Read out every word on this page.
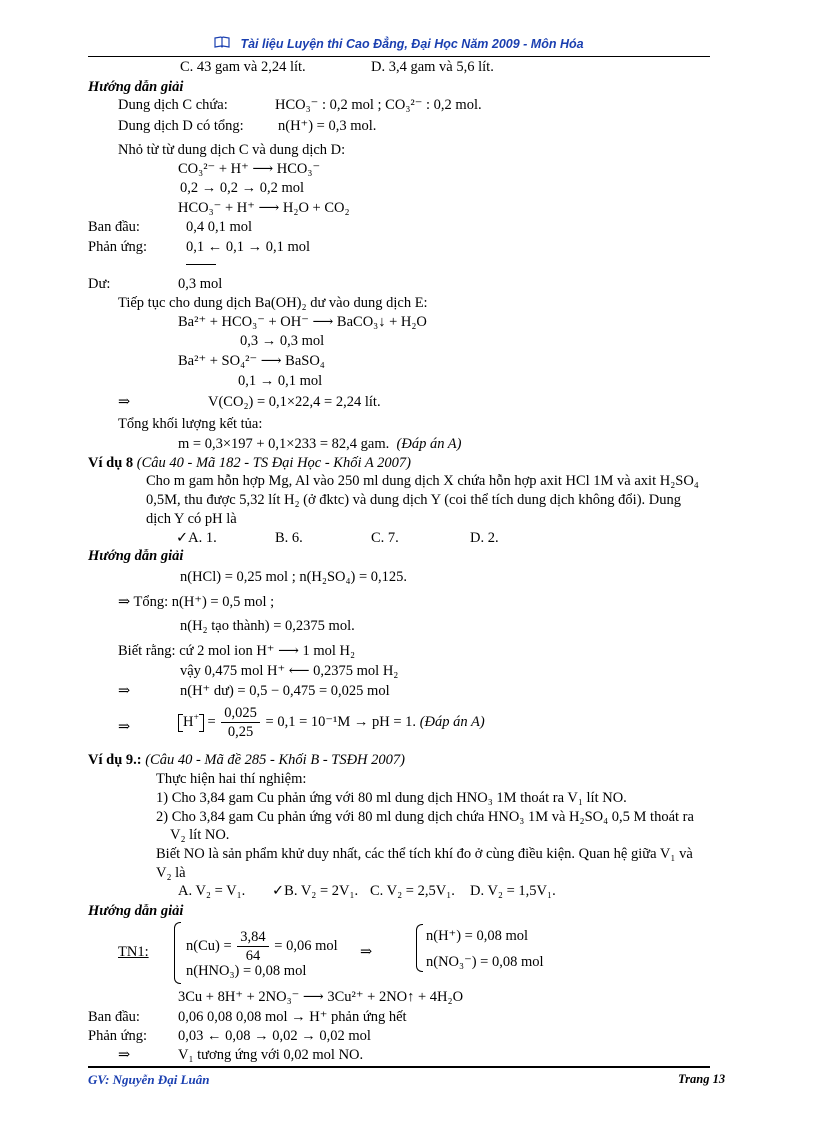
Tài liệu Luyện thi Cao Đẳng, Đại Học Năm 2009 - Môn Hóa
C. 43 gam và 2,24 lít.	D. 3,4 gam và 5,6 lít.
Hướng dẫn giải
Dung dịch C chứa:	HCO₃⁻ : 0,2 mol ; CO₃²⁻ : 0,2 mol.
Dung dịch D có tổng: n(H⁺) = 0,3 mol.
Nhỏ từ từ dung dịch C và dung dịch D:
CO₃²⁻ + H⁺ ⟶ HCO₃⁻
0,2 → 0,2 → 0,2 mol
HCO₃⁻ + H⁺ ⟶ H₂O + CO₂
Ban đầu:	0,4 0,1 mol
Phản ứng:	0,1 ← 0,1 → 0,1 mol
Dư:	0,3 mol
Tiếp tục cho dung dịch Ba(OH)₂ dư vào dung dịch E:
Ba²⁺ + HCO₃⁻ + OH⁻ ⟶ BaCO₃↓ + H₂O
0,3 → 0,3 mol
Ba²⁺ + SO₄²⁻ ⟶ BaSO₄
0,1 → 0,1 mol
⇒	V(CO₂) = 0,1×22,4 = 2,24 lít.
Tổng khối lượng kết tủa:
m = 0,3×197 + 0,1×233 = 82,4 gam. (Đáp án A)
Ví dụ 8 (Câu 40 - Mã 182 - TS Đại Học - Khối A 2007)
Cho m gam hỗn hợp Mg, Al vào 250 ml dung dịch X chứa hỗn hợp axit HCl 1M và axit H₂SO₄
0,5M, thu được 5,32 lít H₂ (ở đktc) và dung dịch Y (coi thể tích dung dịch không đổi). Dung
dịch Y có pH là
✓A. 1.	B. 6.	C. 7.	D. 2.
Hướng dẫn giải
n(HCl) = 0,25 mol ; n(H₂SO₄) = 0,125.
⇒ Tổng: n(H⁺) = 0,5 mol ;
n(H₂ tạo thành) = 0,2375 mol.
Biết rằng: cứ 2 mol ion H⁺ ⟶ 1 mol H₂
vậy 0,475 mol H⁺ ⟵ 0,2375 mol H₂
⇒	n(H⁺ dư) = 0,5 − 0,475 = 0,025 mol
⇒	$H^+ = \frac{0,025}{0,25} = 0,1 = 10^{-1}M$ → pH = 1. (Đáp án A)
Ví dụ 9.: (Câu 40 - Mã đề 285 - Khối B - TSĐH 2007)
Thực hiện hai thí nghiệm:
1) Cho 3,84 gam Cu phản ứng với 80 ml dung dịch HNO₃ 1M thoát ra V₁ lít NO.
2) Cho 3,84 gam Cu phản ứng với 80 ml dung dịch chứa HNO₃ 1M và H₂SO₄ 0,5 M thoát ra
V₂ lít NO.
Biết NO là sản phẩm khử duy nhất, các thể tích khí đo ở cùng điều kiện. Quan hệ giữa V₁ và
V₂ là
A. V₂ = V₁. ✓B. V₂ = 2V₁. C. V₂ = 2,5V₁. D. V₂ = 1,5V₁.
Hướng dẫn giải
TN1:	$n(Cu) = \frac{3,84}{64} = 0,06$ mol
n(HNO₃) = 0,08 mol
⇒
n(H⁺) = 0,08 mol
n(NO₃⁻) = 0,08 mol
3Cu + 8H⁺ + 2NO₃⁻ ⟶ 3Cu²⁺ + 2NO↑ + 4H₂O
Ban đầu:	0,06 0,08 0,08 mol → H⁺ phản ứng hết
Phản ứng: 0,03 ← 0,08 → 0,02 → 0,02 mol
⇒	V₁ tương ứng với 0,02 mol NO.
GV: Nguyễn Đại Luân	Trang 13
